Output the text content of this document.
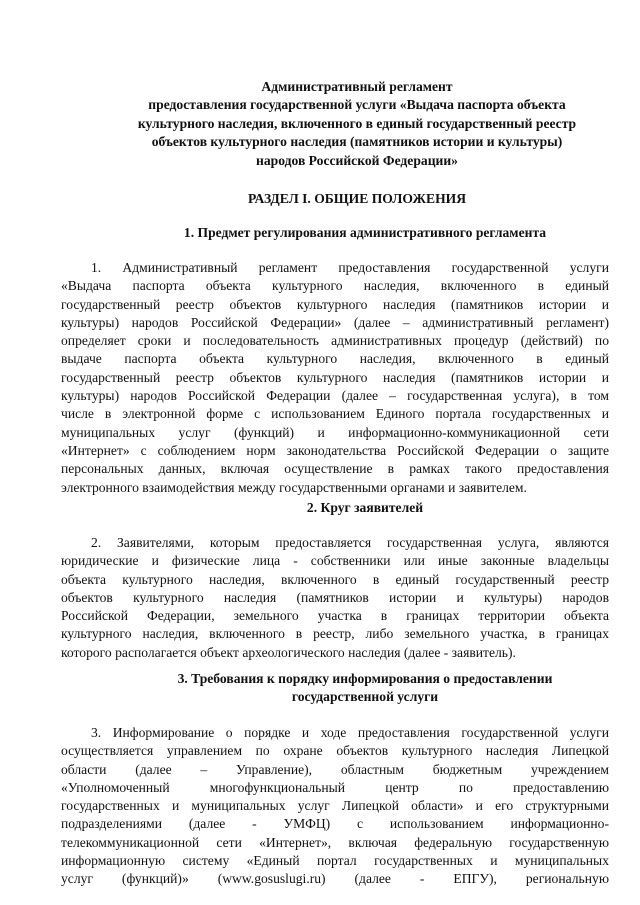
Административный регламент
предоставления государственной услуги «Выдача паспорта объекта
культурного наследия, включенного в единый государственный реестр
объектов культурного наследия (памятников истории и культуры)
народов Российской Федерации»
РАЗДЕЛ I. ОБЩИЕ ПОЛОЖЕНИЯ
1. Предмет регулирования административного регламента
1. Административный регламент предоставления государственной услуги
«Выдача паспорта объекта культурного наследия, включенного в единый
государственный реестр объектов культурного наследия (памятников истории и
культуры) народов Российской Федерации» (далее – административный регламент)
определяет сроки и последовательность административных процедур (действий) по
выдаче паспорта объекта культурного наследия, включенного в единый
государственный реестр объектов культурного наследия (памятников истории и
культуры) народов Российской Федерации (далее – государственная услуга), в том
числе в электронной форме с использованием Единого портала государственных и
муниципальных услуг (функций) и информационно-коммуникационной сети
«Интернет» с соблюдением норм законодательства Российской Федерации о защите
персональных данных, включая осуществление в рамках такого предоставления
электронного взаимодействия между государственными органами и заявителем.
2. Круг заявителей
2. Заявителями, которым предоставляется государственная услуга, являются
юридические и физические лица - собственники или иные законные владельцы
объекта культурного наследия, включенного в единый государственный реестр
объектов культурного наследия (памятников истории и культуры) народов
Российской Федерации, земельного участка в границах территории объекта
культурного наследия, включенного в реестр, либо земельного участка, в границах
которого располагается объект археологического наследия (далее - заявитель).
3. Требования к порядку информирования о предоставлении
государственной услуги
3. Информирование о порядке и ходе предоставления государственной услуги
осуществляется управлением по охране объектов культурного наследия Липецкой
области (далее – Управление), областным бюджетным учреждением
«Уполномоченный многофункциональный центр по предоставлению
государственных и муниципальных услуг Липецкой области» и его структурными
подразделениями (далее - УМФЦ) с использованием информационно-
телекоммуникационной сети «Интернет», включая федеральную государственную
информационную систему «Единый портал государственных и муниципальных
услуг (функций)» (www.gosuslugi.ru) (далее - ЕПГУ), региональную
